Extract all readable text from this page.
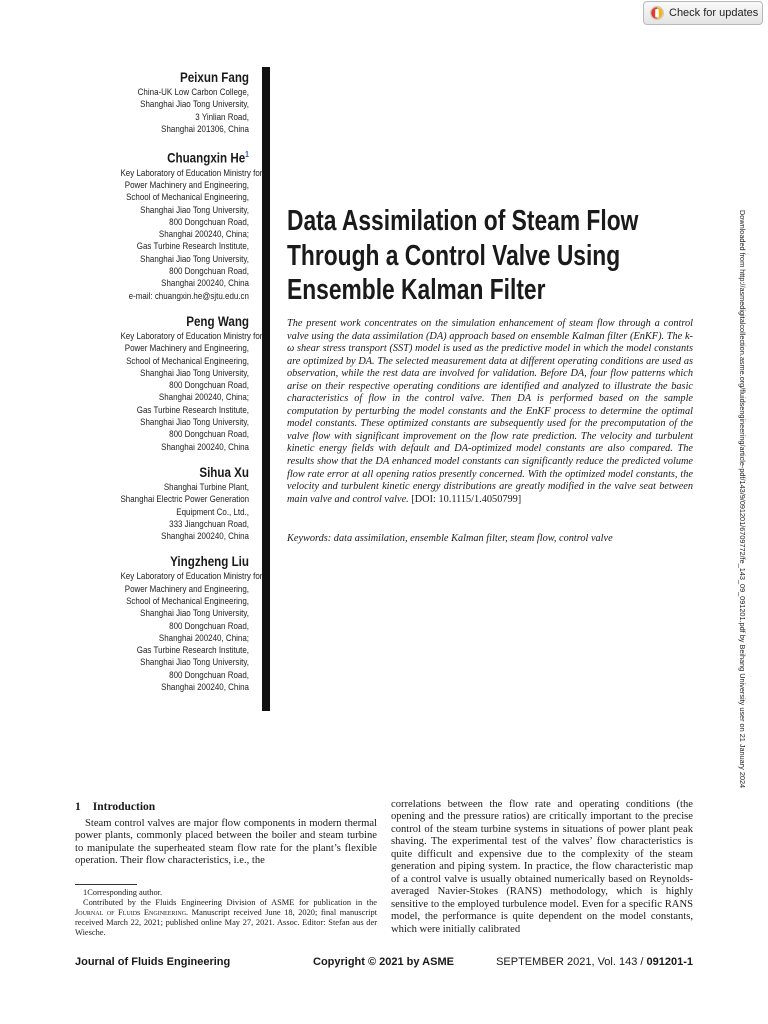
Check for updates
Peixun Fang
China-UK Low Carbon College,
Shanghai Jiao Tong University,
3 Yinlian Road,
Shanghai 201306, China
Chuangxin He$^1$
Key Laboratory of Education Ministry for
Power Machinery and Engineering,
School of Mechanical Engineering,
Shanghai Jiao Tong University,
800 Dongchuan Road,
Shanghai 200240, China;
Gas Turbine Research Institute,
Shanghai Jiao Tong University,
800 Dongchuan Road,
Shanghai 200240, China
e-mail: chuangxin.he@sjtu.edu.cn
Peng Wang
Key Laboratory of Education Ministry for
Power Machinery and Engineering,
School of Mechanical Engineering,
Shanghai Jiao Tong University,
800 Dongchuan Road,
Shanghai 200240, China;
Gas Turbine Research Institute,
Shanghai Jiao Tong University,
800 Dongchuan Road,
Shanghai 200240, China
Sihua Xu
Shanghai Turbine Plant,
Shanghai Electric Power Generation
Equipment Co., Ltd.,
333 Jiangchuan Road,
Shanghai 200240, China
Yingzheng Liu
Key Laboratory of Education Ministry for
Power Machinery and Engineering,
School of Mechanical Engineering,
Shanghai Jiao Tong University,
800 Dongchuan Road,
Shanghai 200240, China;
Gas Turbine Research Institute,
Shanghai Jiao Tong University,
800 Dongchuan Road,
Shanghai 200240, China
Data Assimilation of Steam Flow
Through a Control Valve Using
Ensemble Kalman Filter
The present work concentrates on the simulation enhancement of steam flow through a control valve using the data assimilation (DA) approach based on ensemble Kalman filter (EnKF). The k-ω shear stress transport (SST) model is used as the predictive model in which the model constants are optimized by DA. The selected measurement data at different operating conditions are used as observation, while the rest data are involved for validation. Before DA, four flow patterns which arise on their respective operating conditions are identified and analyzed to illustrate the basic characteristics of flow in the control valve. Then DA is performed based on the sample computation by perturbing the model constants and the EnKF process to determine the optimal model constants. These optimized constants are subsequently used for the precomputation of the valve flow with significant improvement on the flow rate prediction. The velocity and turbulent kinetic energy fields with default and DA-optimized model constants are also compared. The results show that the DA enhanced model constants can significantly reduce the predicted volume flow rate error at all opening ratios presently concerned. With the optimized model constants, the velocity and turbulent kinetic energy distributions are greatly modified in the valve seat between main valve and control valve. [DOI: 10.1115/1.4050799]
Keywords: data assimilation, ensemble Kalman filter, steam flow, control valve	Downloaded from http://asmedigitalcollection.asme.org/fluidsengineering/article-pdf/143/9/091201/6709772/fe_143_09_091201.pdf by Beihang University user on 21 January 2024
1 Introduction
Steam control valves are major flow components in modern thermal power plants, commonly placed between the boiler and steam turbine to manipulate the superheated steam flow rate for the plant’s flexible operation. Their flow characteristics, i.e., the
correlations between the flow rate and operating conditions (the opening and the pressure ratios) are critically important to the precise control of the steam turbine systems in situations of power plant peak shaving. The experimental test of the valves’ flow characteristics is quite difficult and expensive due to the complexity of the steam generation and piping system. In practice, the flow characteristic map of a control valve is usually obtained numerically based on Reynolds-averaged Navier-Stokes (RANS) methodology, which is highly sensitive to the employed turbulence model. Even for a specific RANS model, the performance is quite dependent on the model constants, which were initially calibrated

1Corresponding author.

Contributed by the Fluids Engineering Division of ASME for publication in the Journal of Fluids Engineering. Manuscript received June 18, 2020; final manuscript received March 22, 2021; published online May 27, 2021. Assoc. Editor: Stefan aus der Wiesche.

Journal of Fluids Engineering	Copyright © 2021 by ASME	SEPTEMBER 2021, Vol. 143 / 091201-1
